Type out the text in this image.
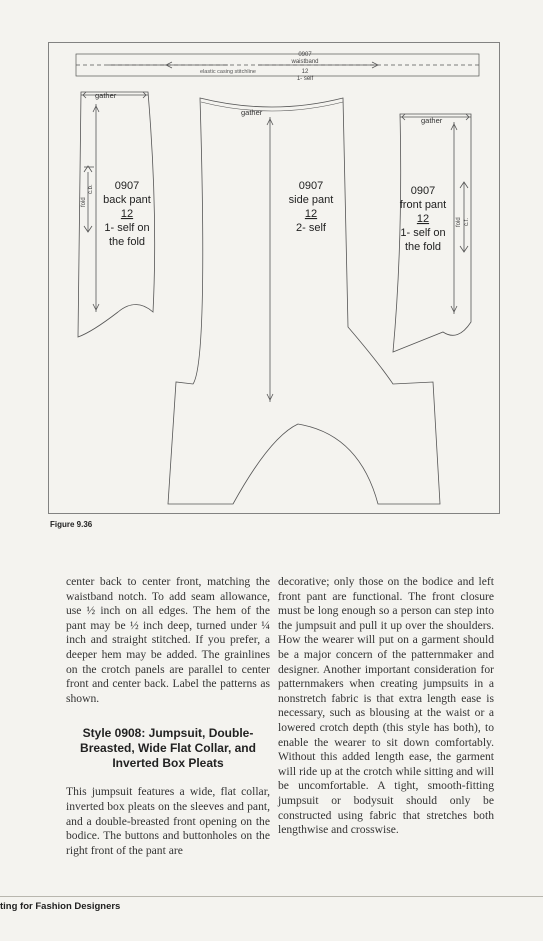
0907
waistband
12
1- self
elastic casing stitchline
gather
0907
back pant
12
1- self on
the fold
fold
c.b.
gather
0907
side pant
12
2- self
gather
0907
front pant
12
1- self on
the fold
fold c.f.
Figure 9.36

center back to center front, matching the waistband notch. To add seam allowance, use ½ inch on all edges. The hem of the pant may be ½ inch deep, turned under ¼ inch and straight stitched. If you prefer, a deeper hem may be added. The grainlines on the crotch panels are parallel to center front and center back. Label the patterns as shown.

Style 0908: Jumpsuit, Double-Breasted, Wide Flat Collar, and Inverted Box Pleats

This jumpsuit features a wide, flat collar, inverted box pleats on the sleeves and pant, and a double-breasted front opening on the bodice. The buttons and buttonholes on the right front of the pant are

decorative; only those on the bodice and left front pant are functional. The front closure must be long enough so a person can step into the jumpsuit and pull it up over the shoulders. How the wearer will put on a garment should be a major concern of the patternmaker and designer. Another important consideration for patternmakers when creating jumpsuits in a nonstretch fabric is that extra length ease is necessary, such as blousing at the waist or a lowered crotch depth (this style has both), to enable the wearer to sit down comfortably. Without this added length ease, the garment will ride up at the crotch while sitting and will be uncomfortable. A tight, smooth-fitting jumpsuit or bodysuit should only be constructed using fabric that stretches both lengthwise and crosswise.

ting for Fashion Designers
